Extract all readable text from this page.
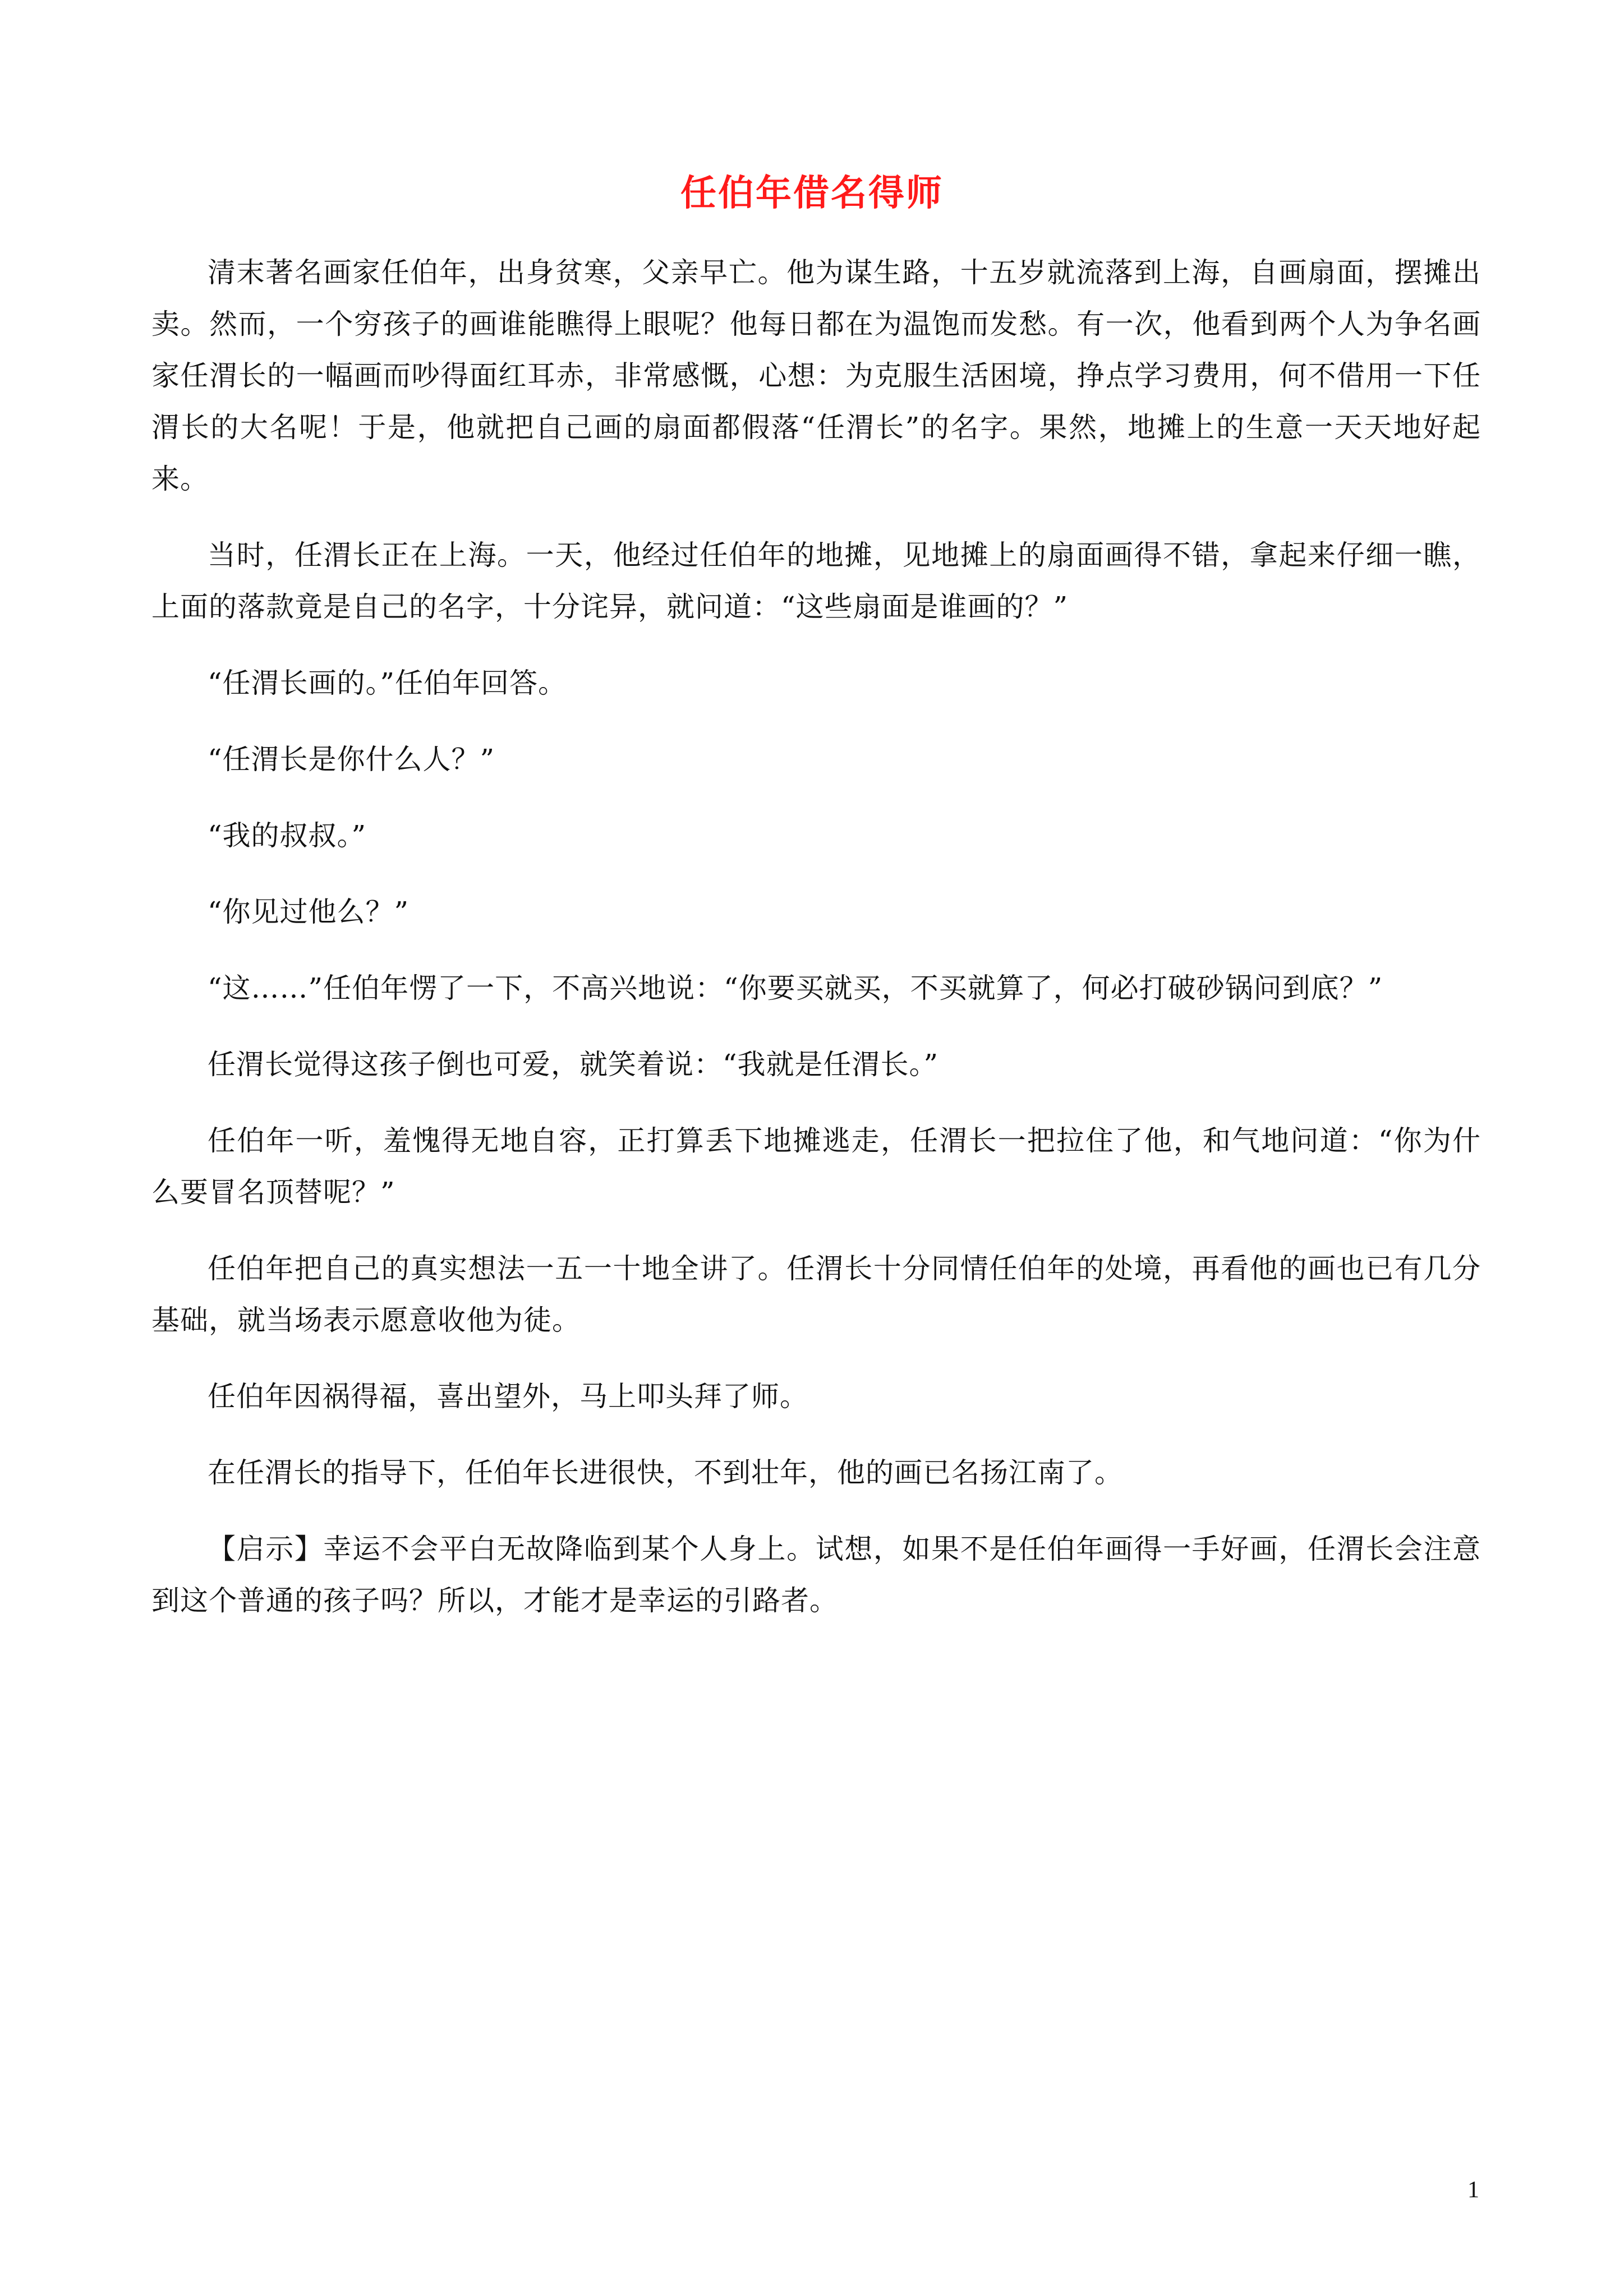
任伯年借名得师

清末著名画家任伯年，出身贫寒，父亲早亡。他为谋生路，十五岁就流落到上海，自画扇面，摆摊出卖。然而，一个穷孩子的画谁能瞧得上眼呢？他每日都在为温饱而发愁。有一次，他看到两个人为争名画家任渭长的一幅画而吵得面红耳赤，非常感慨，心想：为克服生活困境，挣点学习费用，何不借用一下任渭长的大名呢！于是，他就把自己画的扇面都假落“任渭长”的名字。果然，地摊上的生意一天天地好起来。

当时，任渭长正在上海。一天，他经过任伯年的地摊，见地摊上的扇面画得不错，拿起来仔细一瞧，上面的落款竟是自己的名字，十分诧异，就问道：“这些扇面是谁画的？”

“任渭长画的。”任伯年回答。

“任渭长是你什么人？”

“我的叔叔。”

“你见过他么？”

“这……”任伯年愣了一下，不高兴地说：“你要买就买，不买就算了，何必打破砂锅问到底？”

任渭长觉得这孩子倒也可爱，就笑着说：“我就是任渭长。”

任伯年一听，羞愧得无地自容，正打算丢下地摊逃走，任渭长一把拉住了他，和气地问道：“你为什么要冒名顶替呢？”

任伯年把自己的真实想法一五一十地全讲了。任渭长十分同情任伯年的处境，再看他的画也已有几分基础，就当场表示愿意收他为徒。

任伯年因祸得福，喜出望外，马上叩头拜了师。

在任渭长的指导下，任伯年长进很快，不到壮年，他的画已名扬江南了。

【启示】幸运不会平白无故降临到某个人身上。试想，如果不是任伯年画得一手好画，任渭长会注意到这个普通的孩子吗？所以，才能才是幸运的引路者。

1
